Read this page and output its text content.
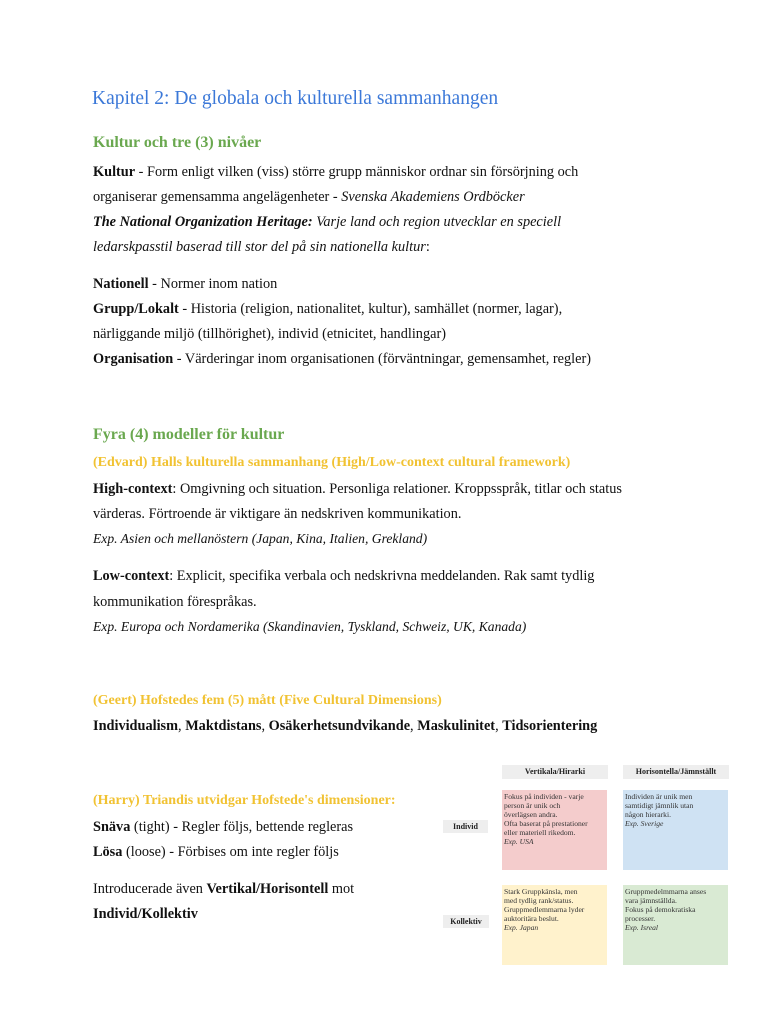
Kapitel 2: De globala och kulturella sammanhangen
Kultur och tre (3) nivåer
Kultur - Form enligt vilken (viss) större grupp människor ordnar sin försörjning och
organiserar gemensamma angelägenheter - Svenska Akademiens Ordböcker
The National Organization Heritage: Varje land och region utvecklar en speciell
ledarskpasstil baserad till stor del på sin nationella kultur:
Nationell - Normer inom nation
Grupp/Lokalt - Historia (religion, nationalitet, kultur), samhället (normer, lagar),
närliggande miljö (tillhörighet), individ (etnicitet, handlingar)
Organisation - Värderingar inom organisationen (förväntningar, gemensamhet, regler)
Fyra (4) modeller för kultur
(Edvard) Halls kulturella sammanhang (High/Low-context cultural framework)
High-context: Omgivning och situation. Personliga relationer. Kroppsspråk, titlar och status
värderas. Förtroende är viktigare än nedskriven kommunikation.
Exp. Asien och mellanöstern (Japan, Kina, Italien, Grekland)
Low-context: Explicit, specifika verbala och nedskrivna meddelanden. Rak samt tydlig
kommunikation förespråkas.
Exp. Europa och Nordamerika (Skandinavien, Tyskland, Schweiz, UK, Kanada)
(Geert) Hofstedes fem (5) mått (Five Cultural Dimensions)
Individualism, Maktdistans, Osäkerhetsundvikande, Maskulinitet, Tidsorientering
(Harry) Triandis utvidgar Hofstede's dimensioner:
Snäva (tight) - Regler följs, bettende regleras
Lösa (loose) - Förbises om inte regler följs
Introducerade även Vertikal/Horisontell mot
Individ/Kollektiv
Vertikala/Hirarki	Horisontella/Jämnställt
Individ
Kollektiv
Fokus på individen - varje
person är unik och
överlägsen andra.
Ofta baserat på prestationer
eller materiell rikedom.
Exp. USA
Individen är unik men
samtidigt jämnlik utan
någon hierarki.
Exp. Sverige
Stark Gruppkänsla, men
med tydlig rank/status.
Gruppmedlemmarna lyder
auktoritära beslut.
Exp. Japan
Gruppmedelmmarna anses
vara jämnställda.
Fokus på demokratiska
processer.
Exp. Isreal
